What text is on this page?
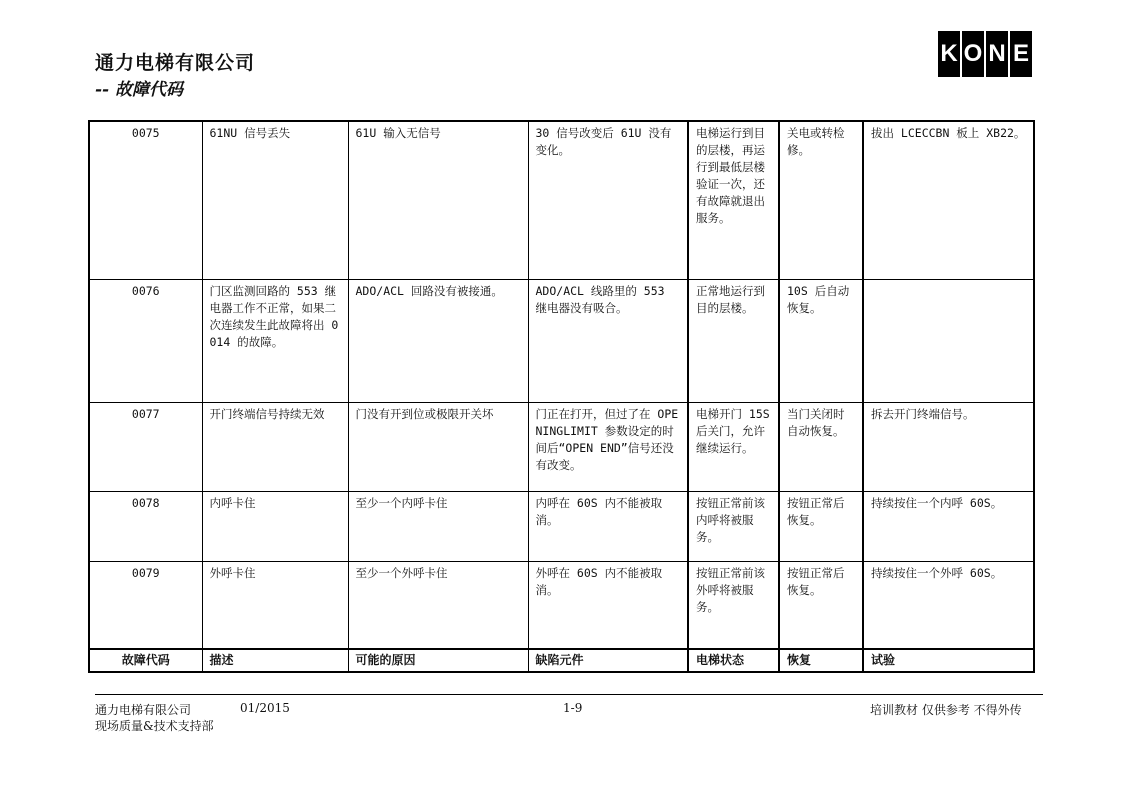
通力电梯有限公司
-- 故障代码
K O N E
0075	61NU 信号丢失	61U 输入无信号	30 信号改变后 61U 没有变化。	电梯运行到目的层楼，再运行到最低层楼验证一次，还有故障就退出服务。	关电或转检修。	拔出 LCECCBN 板上 XB22。
0076	门区监测回路的 553 继电器工作不正常，如果二次连续发生此故障将出 0014 的故障。	ADO/ACL 回路没有被接通。	ADO/ACL 线路里的 553 继电器没有吸合。	正常地运行到目的层楼。	10S 后自动恢复。	
0077	开门终端信号持续无效	门没有开到位或极限开关坏	门正在打开，但过了在 OPENINGLIMIT 参数设定的时间后“OPEN END”信号还没有改变。	电梯开门 15S 后关门，允许继续运行。	当门关闭时自动恢复。	拆去开门终端信号。
0078	内呼卡住	至少一个内呼卡住	内呼在 60S 内不能被取消。	按钮正常前该内呼将被服务。	按钮正常后恢复。	持续按住一个内呼 60S。
0079	外呼卡住	至少一个外呼卡住	外呼在 60S 内不能被取消。	按钮正常前该外呼将被服务。	按钮正常后恢复。	持续按住一个外呼 60S。
故障代码	描述	可能的原因	缺陷元件	电梯状态	恢复	试验
通力电梯有限公司	01/2015	1-9	培训教材 仅供参考 不得外传
现场质量&技术支持部
